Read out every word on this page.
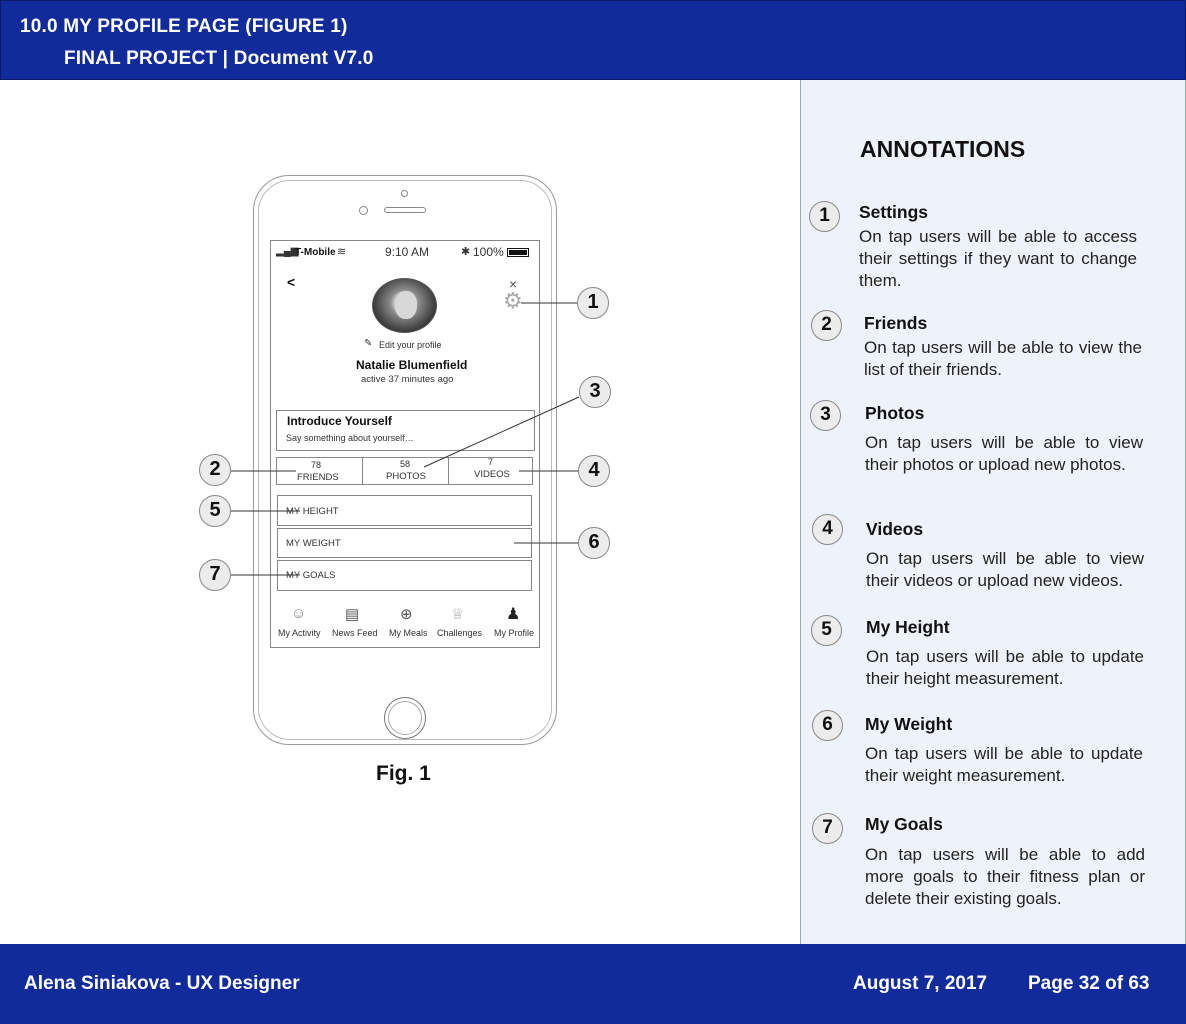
10.0 MY PROFILE PAGE (FIGURE 1)
FINAL PROJECT | Document V7.0
▂▄▆
T-Mobile ≋	9:10 AM	✱ 100%
<	×
⚙
✎ Edit your profile
Natalie Blumenfield
active 37 minutes ago
Introduce Yourself
Say something about yourself…
78
FRIENDS
58
PHOTOS
7
VIDEOS
MY HEIGHT
MY WEIGHT
MY GOALS
☺	▤	⊕	♕	♟
My Activity News Feed My Meals Challenges My Profile
1
3
2	4
5
6
7
Fig. 1
ANNOTATIONS
1	Settings
On tap users will be able to access their settings if they want to change them.
2	Friends
On tap users will be able to view the list of their friends.
3	Photos
On tap users will be able to view their photos or upload new photos.
4	Videos
On tap users will be able to view their videos or upload new videos.
5	My Height
On tap users will be able to update their height measurement.
6	My Weight
On tap users will be able to update their weight measurement.
7	My Goals
On tap users will be able to add more goals to their fitness plan or delete their existing goals.
Alena Siniakova - UX Designer	August 7, 2017 Page 32 of 63
